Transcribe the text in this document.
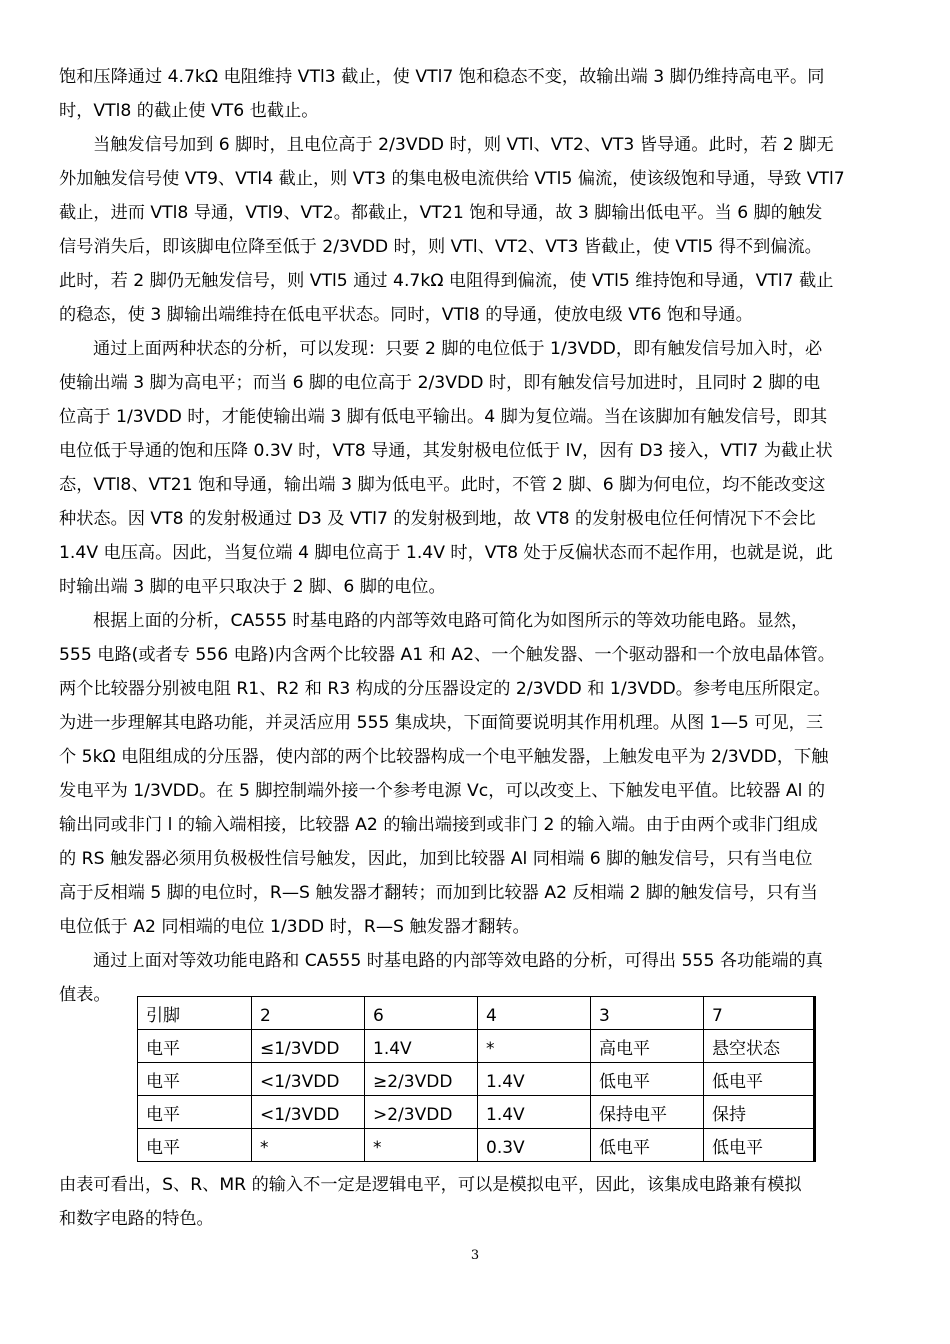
饱和压降通过 4.7kΩ 电阻维持 VTl3 截止，使 VTl7 饱和稳态不变，故输出端 3 脚仍维持高电平。同
时，VTl8 的截止使 VT6 也截止。
当触发信号加到 6 脚时，且电位高于 2/3VDD 时，则 VTl、VT2、VT3 皆导通。此时，若 2 脚无
外加触发信号使 VT9、VTl4 截止，则 VT3 的集电极电流供给 VTl5 偏流，使该级饱和导通，导致 VTl7
截止，进而 VTl8 导通，VTl9、VT2。都截止，VT21 饱和导通，故 3 脚输出低电平。当 6 脚的触发
信号消失后，即该脚电位降至低于 2/3VDD 时，则 VTl、VT2、VT3 皆截止，使 VTl5 得不到偏流。
此时，若 2 脚仍无触发信号，则 VTl5 通过 4.7kΩ 电阻得到偏流，使 VTl5 维持饱和导通，VTl7 截止
的稳态，使 3 脚输出端维持在低电平状态。同时，VTl8 的导通，使放电级 VT6 饱和导通。
通过上面两种状态的分析，可以发现：只要 2 脚的电位低于 1/3VDD，即有触发信号加入时，必
使输出端 3 脚为高电平；而当 6 脚的电位高于 2/3VDD 时，即有触发信号加进时，且同时 2 脚的电
位高于 1/3VDD 时，才能使输出端 3 脚有低电平输出。4 脚为复位端。当在该脚加有触发信号，即其
电位低于导通的饱和压降 0.3V 时，VT8 导通，其发射极电位低于 lV，因有 D3 接入，VTl7 为截止状
态，VTl8、VT21 饱和导通，输出端 3 脚为低电平。此时，不管 2 脚、6 脚为何电位，均不能改变这
种状态。因 VT8 的发射极通过 D3 及 VTl7 的发射极到地，故 VT8 的发射极电位任何情况下不会比
1.4V 电压高。因此，当复位端 4 脚电位高于 1.4V 时，VT8 处于反偏状态而不起作用，也就是说，此
时输出端 3 脚的电平只取决于 2 脚、6 脚的电位。
根据上面的分析，CA555 时基电路的内部等效电路可简化为如图所示的等效功能电路。显然，
555 电路(或者专 556 电路)内含两个比较器 A1 和 A2、一个触发器、一个驱动器和一个放电晶体管。
两个比较器分别被电阻 R1、R2 和 R3 构成的分压器设定的 2/3VDD 和 1/3VDD。参考电压所限定。
为进一步理解其电路功能，并灵活应用 555 集成块，下面简要说明其作用机理。从图 1—5 可见，三
个 5kΩ 电阻组成的分压器，使内部的两个比较器构成一个电平触发器，上触发电平为 2/3VDD，下触
发电平为 1/3VDD。在 5 脚控制端外接一个参考电源 Vc，可以改变上、下触发电平值。比较器 Al 的
输出同或非门 l 的输入端相接，比较器 A2 的输出端接到或非门 2 的输入端。由于由两个或非门组成
的 RS 触发器必须用负极极性信号触发，因此，加到比较器 Al 同相端 6 脚的触发信号，只有当电位
高于反相端 5 脚的电位时，R—S 触发器才翻转；而加到比较器 A2 反相端 2 脚的触发信号，只有当
电位低于 A2 同相端的电位 1/3DD 时，R—S 触发器才翻转。
通过上面对等效功能电路和 CA555 时基电路的内部等效电路的分析，可得出 555 各功能端的真
值表。
引脚	2	6	4	3	7
电平	≤1/3VDD	1.4V	*	高电平	悬空状态
电平	<1/3VDD	≥2/3VDD	1.4V	低电平	低电平
电平	<1/3VDD	>2/3VDD	1.4V	保持电平	保持
电平	*	*	0.3V	低电平	低电平
由表可看出，S、R、MR 的输入不一定是逻辑电平，可以是模拟电平，因此，该集成电路兼有模拟
和数字电路的特色。
3
